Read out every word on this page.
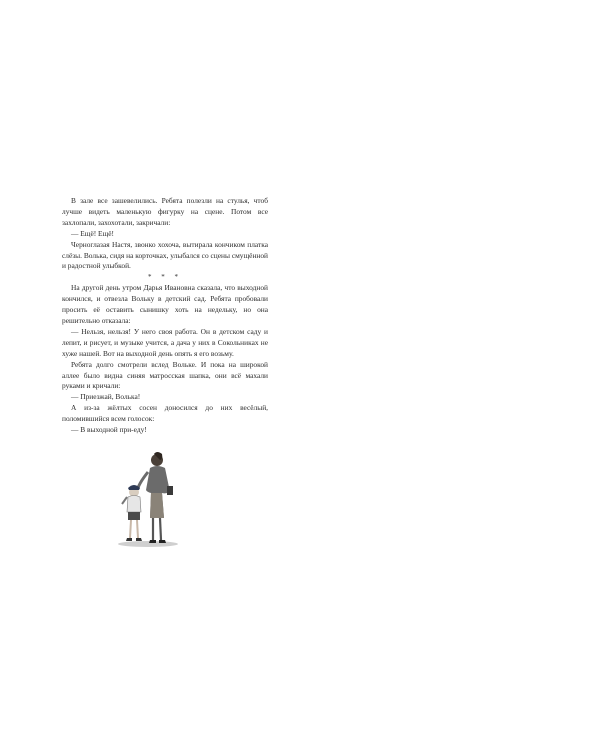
В зале все зашевелились. Ребята полезли на стулья, чтоб лучше видеть маленькую фигурку на сцене. Потом все захлопали, захохотали, закричали:

— Ещё! Ещё!

Черноглазая Настя, звонко хохоча, вытирала кончиком платка слёзы. Волька, сидя на корточках, улыбался со сцены смущённой и радостной улыбкой.

* * *

На другой день утром Дарья Ивановна сказала, что выходной кончился, и отвезла Вольку в детский сад. Ребята пробовали просить её оставить сынишку хоть на недельку, но она решительно отказала:

— Нельзя, нельзя! У него своя работа. Он в детском саду и лепит, и рисует, и музыке учится, а дача у них в Сокольниках не хуже нашей. Вот на выходной день опять я его возьму.

Ребята долго смотрели вслед Вольке. И пока на широкой аллее было видна синяя матросская шапка, они всё махали руками и кричали:

— Приезжай, Волька!

А из-за жёлтых сосен доносился до них весёлый, поломившийся всем голосок:

— В выходной при-еду!
